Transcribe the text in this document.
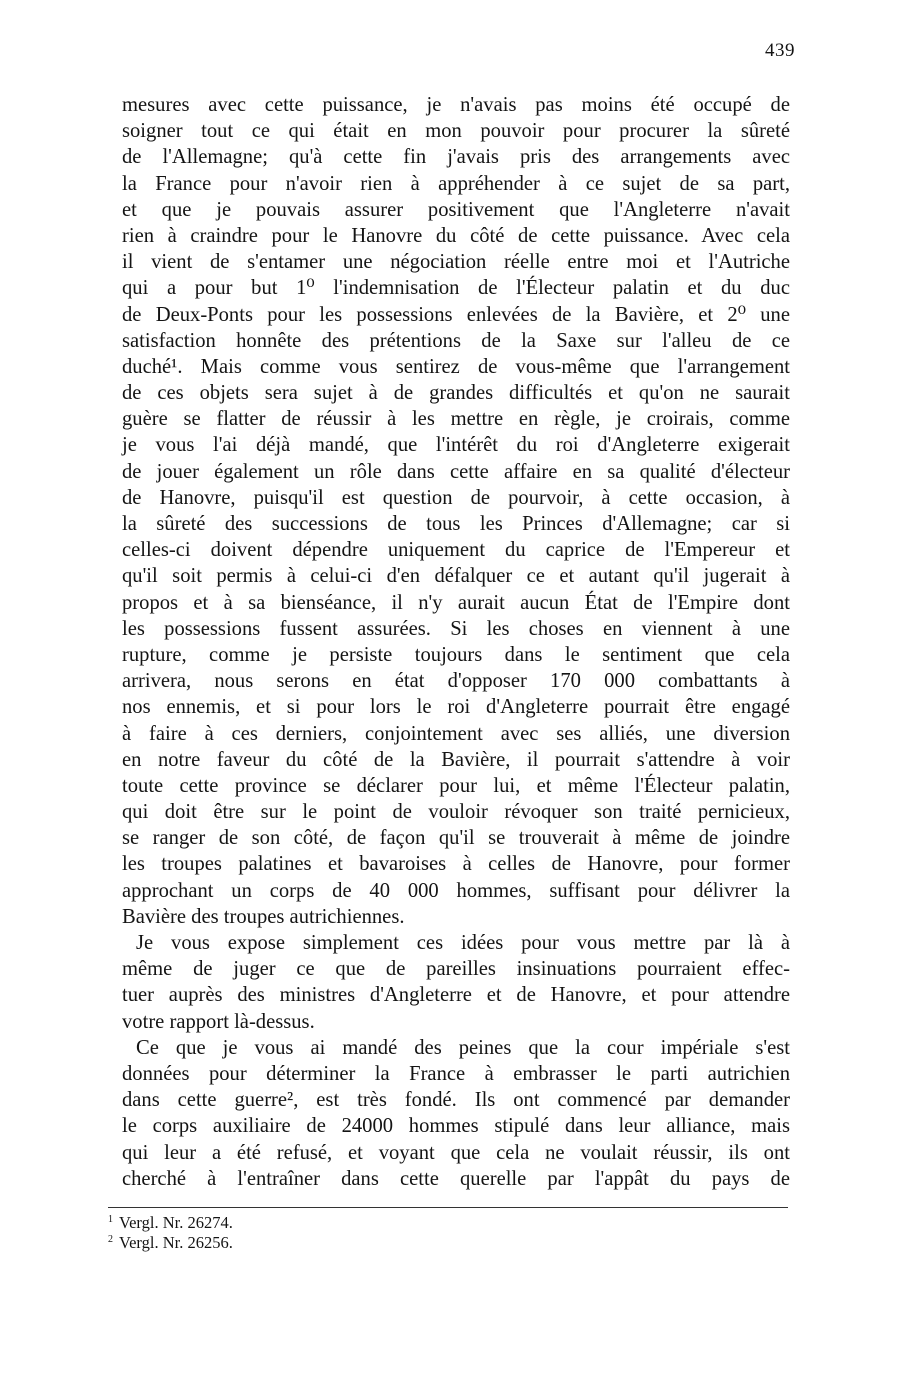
439
mesures avec cette puissance, je n'avais pas moins été occupé de
soigner tout ce qui était en mon pouvoir pour procurer la sûreté
de l'Allemagne; qu'à cette fin j'avais pris des arrangements avec
la France pour n'avoir rien à appréhender à ce sujet de sa part,
et que je pouvais assurer positivement que l'Angleterre n'avait
rien à craindre pour le Hanovre du côté de cette puissance. Avec cela
il vient de s'entamer une négociation réelle entre moi et l'Autriche
qui a pour but 1⁰ l'indemnisation de l'Électeur palatin et du duc
de Deux-Ponts pour les possessions enlevées de la Bavière, et 2⁰ une
satisfaction honnête des prétentions de la Saxe sur l'alleu de ce
duché¹. Mais comme vous sentirez de vous-même que l'arrangement
de ces objets sera sujet à de grandes difficultés et qu'on ne saurait
guère se flatter de réussir à les mettre en règle, je croirais, comme
je vous l'ai déjà mandé, que l'intérêt du roi d'Angleterre exigerait
de jouer également un rôle dans cette affaire en sa qualité d'électeur
de Hanovre, puisqu'il est question de pourvoir, à cette occasion, à
la sûreté des successions de tous les Princes d'Allemagne; car si
celles-ci doivent dépendre uniquement du caprice de l'Empereur et
qu'il soit permis à celui-ci d'en défalquer ce et autant qu'il jugerait à
propos et à sa bienséance, il n'y aurait aucun État de l'Empire dont
les possessions fussent assurées. Si les choses en viennent à une
rupture, comme je persiste toujours dans le sentiment que cela
arrivera, nous serons en état d'opposer 170 000 combattants à
nos ennemis, et si pour lors le roi d'Angleterre pourrait être engagé
à faire à ces derniers, conjointement avec ses alliés, une diversion
en notre faveur du côté de la Bavière, il pourrait s'attendre à voir
toute cette province se déclarer pour lui, et même l'Électeur palatin,
qui doit être sur le point de vouloir révoquer son traité pernicieux,
se ranger de son côté, de façon qu'il se trouverait à même de joindre
les troupes palatines et bavaroises à celles de Hanovre, pour former
approchant un corps de 40 000 hommes, suffisant pour délivrer la
Bavière des troupes autrichiennes.
Je vous expose simplement ces idées pour vous mettre par là à
même de juger ce que de pareilles insinuations pourraient effec-
tuer auprès des ministres d'Angleterre et de Hanovre, et pour attendre
votre rapport là-dessus.
Ce que je vous ai mandé des peines que la cour impériale s'est
données pour déterminer la France à embrasser le parti autrichien
dans cette guerre², est très fondé. Ils ont commencé par demander
le corps auxiliaire de 24000 hommes stipulé dans leur alliance, mais
qui leur a été refusé, et voyant que cela ne voulait réussir, ils ont
cherché à l'entraîner dans cette querelle par l'appât du pays de
$^1$ Vergl. Nr. 26274.
$^2$ Vergl. Nr. 26256.
